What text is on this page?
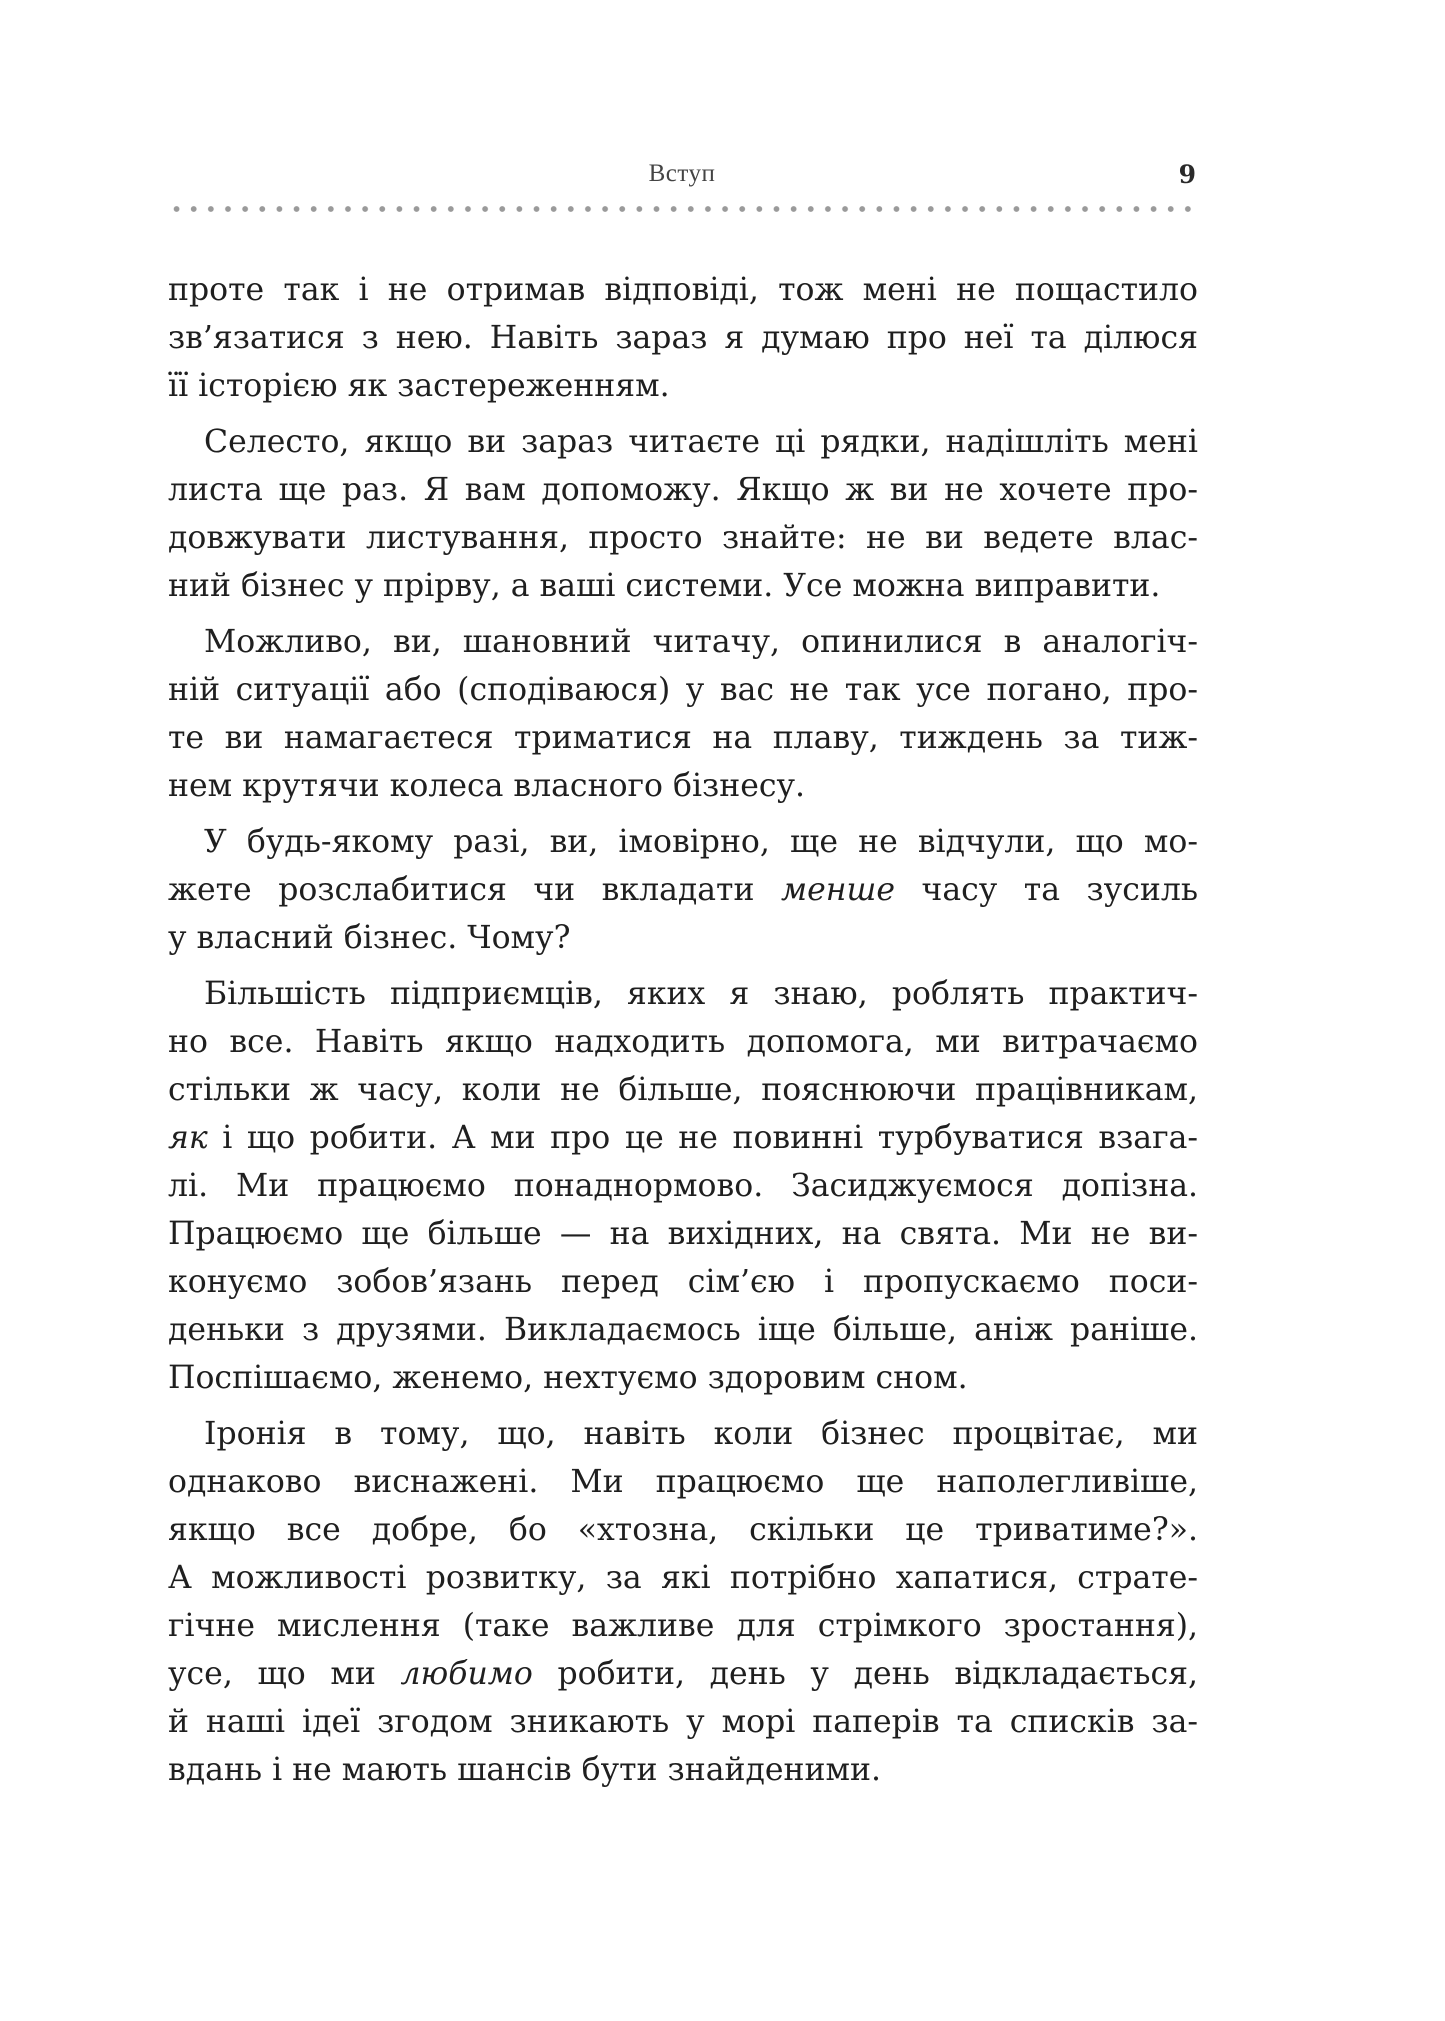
Вступ	9

проте так і не отримав відповіді, тож мені не пощастило
зв’язатися з нею. Навіть зараз я думаю про неї та ділюся
її історією як застереженням.

Селесто, якщо ви зараз читаєте ці рядки, надішліть мені
листа ще раз. Я вам допоможу. Якщо ж ви не хочете про-
довжувати листування, просто знайте: не ви ведете влас-
ний бізнес у прірву, а ваші системи. Усе можна виправити.

Можливо, ви, шановний читачу, опинилися в аналогіч-
ній ситуації або (сподіваюся) у вас не так усе погано, про-
те ви намагаєтеся триматися на плаву, тиждень за тиж-
нем крутячи колеса власного бізнесу.

У будь-якому разі, ви, імовірно, ще не відчули, що мо-
жете розслабитися чи вкладати менше часу та зусиль
у власний бізнес. Чому?

Більшість підприємців, яких я знаю, роблять практич-
но все. Навіть якщо надходить допомога, ми витрачаємо
стільки ж часу, коли не більше, пояснюючи працівникам,
як і що робити. А ми про це не повинні турбуватися взага-
лі. Ми працюємо понаднормово. Засиджуємося допізна.
Працюємо ще більше — на вихідних, на свята. Ми не ви-
конуємо зобов’язань перед сім’єю і пропускаємо поси-
деньки з друзями. Викладаємось іще більше, аніж раніше.
Поспішаємо, женемо, нехтуємо здоровим сном.

Іронія в тому, що, навіть коли бізнес процвітає, ми
однаково виснажені. Ми працюємо ще наполегливіше,
якщо все добре, бо «хтозна, скільки це триватиме?».
А можливості розвитку, за які потрібно хапатися, страте-
гічне мислення (таке важливе для стрімкого зростання),
усе, що ми любимо робити, день у день відкладається,
й наші ідеї згодом зникають у морі паперів та списків за-
вдань і не мають шансів бути знайденими.
